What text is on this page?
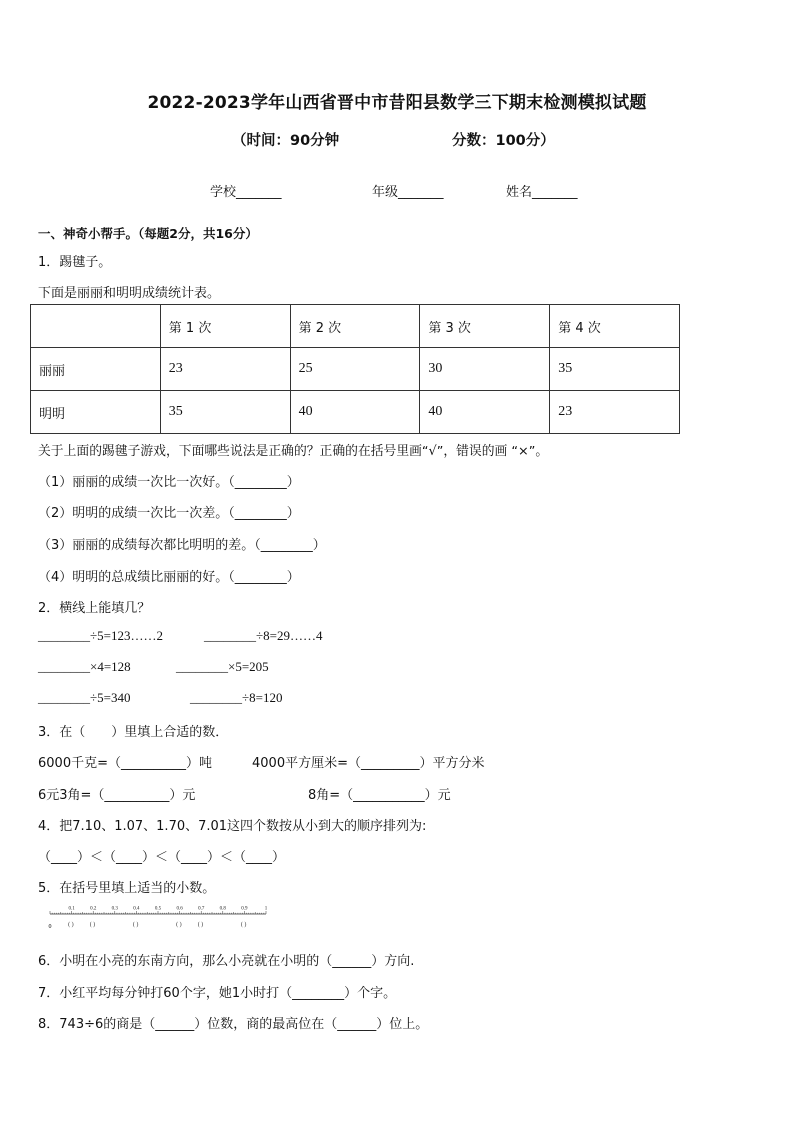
2022-2023学年山西省晋中市昔阳县数学三下期末检测模拟试题
（时间：90分钟	分数：100分）
学校_______	年级_______	姓名_______
一、神奇小帮手。（每题2分，共16分）
1．踢毽子。
下面是丽丽和明明成绩统计表。
	第 1 次	第 2 次	第 3 次	第 4 次
丽丽	23	25	30	35
明明	35	40	40	23
关于上面的踢毽子游戏，下面哪些说法是正确的？正确的在括号里画“√”，错误的画 “×”。
（1）丽丽的成绩一次比一次好。（________）
（2）明明的成绩一次比一次差。（________）
（3）丽丽的成绩每次都比明明的差。（________）
（4）明明的总成绩比丽丽的好。（________）
2．横线上能填几？
________÷5=123……2	________÷8=29……4
________×4=128	________×5=205
________÷5=340	________÷8=120
3．在（　　）里填上合适的数．
6000千克=（__________）吨	4000平方厘米=（_________）平方分米
6元3角=（__________）元	8角=（___________）元
4．把7.10、1.07、1.70、7.01这四个数按从小到大的顺序排列为:
（____）＜（____）＜（____）＜（____）
5．在括号里填上适当的小数。
0.1	0.2	0.3	0.4	0.5	0.6	0.7	0.8	0.9	1
( )	( )	( )	( )	( )	( )
0
6．小明在小亮的东南方向，那么小亮就在小明的（______）方向.
7．小红平均每分钟打60个字，她1小时打（________）个字。
8．743÷6的商是（______）位数，商的最高位在（______）位上。
